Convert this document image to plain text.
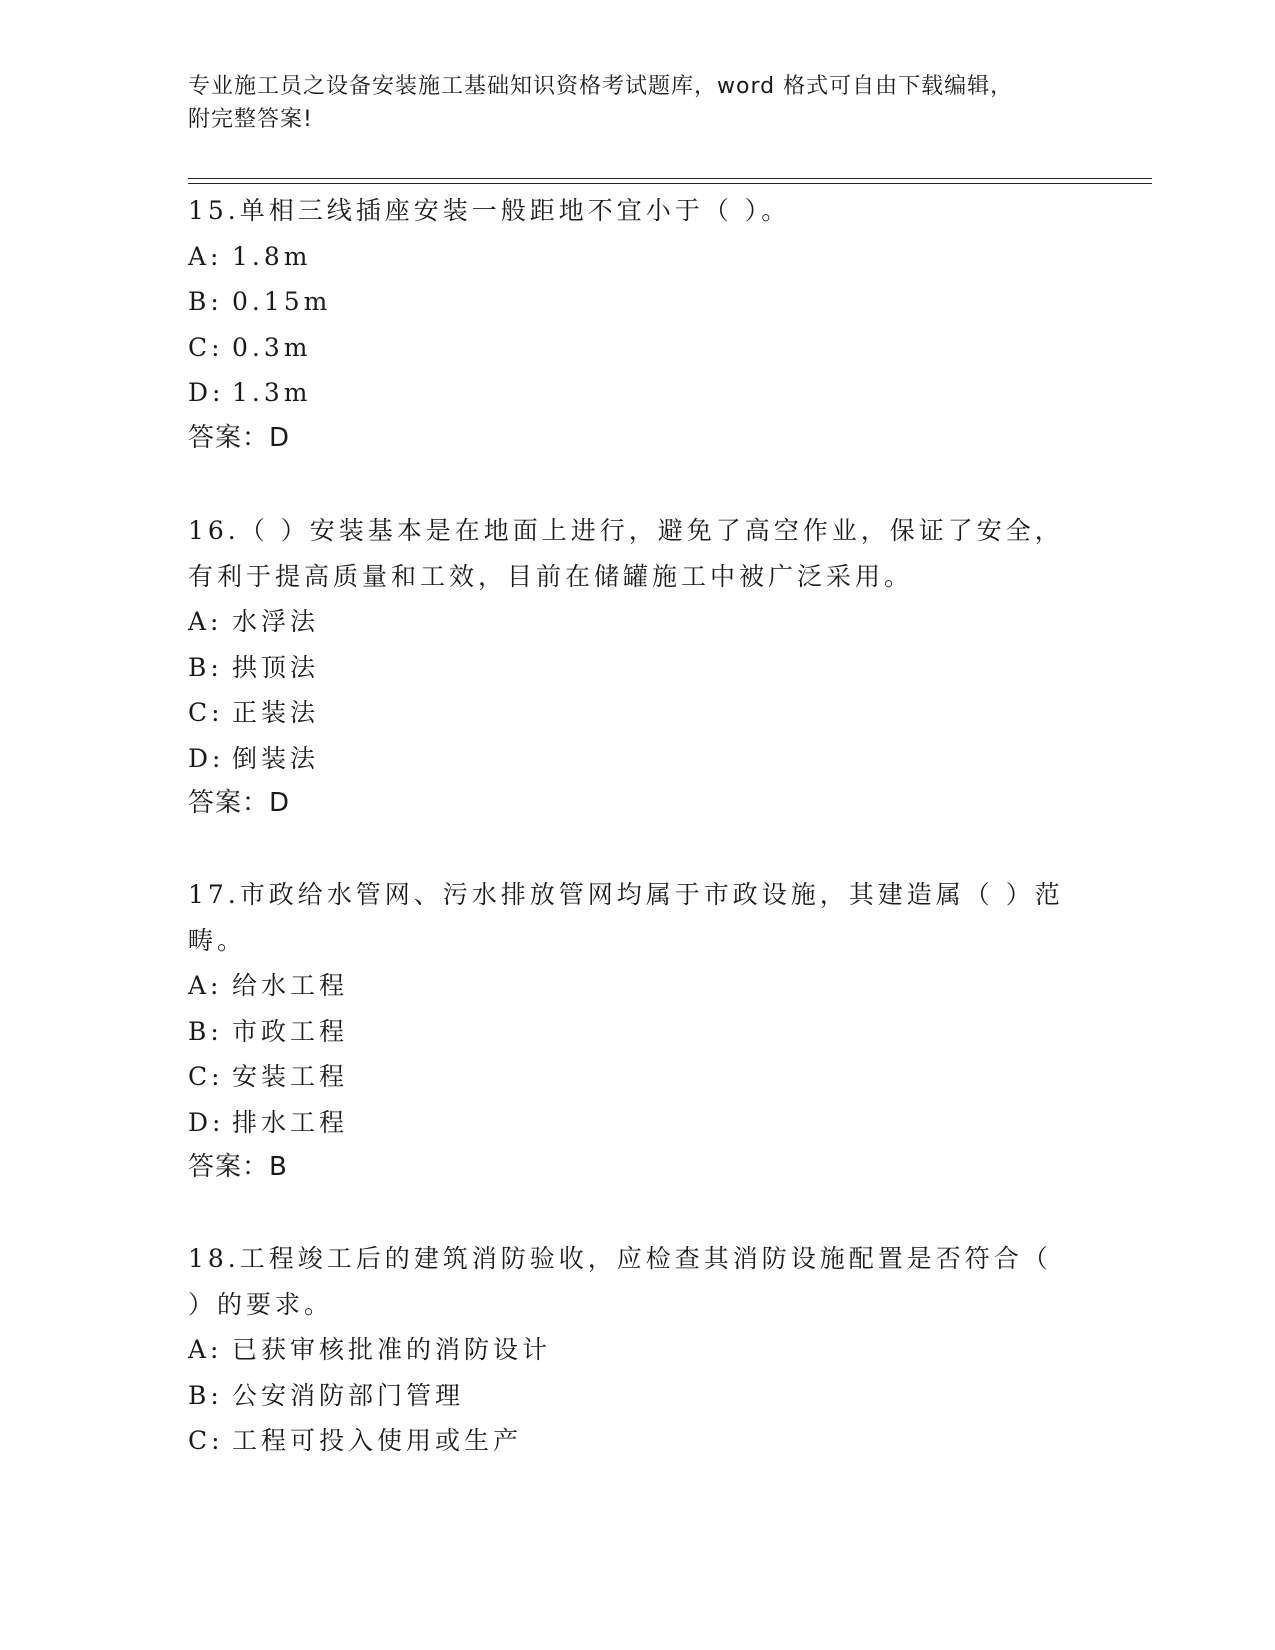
专业施工员之设备安装施工基础知识资格考试题库，word 格式可自由下载编辑，
附完整答案!

15.单相三线插座安装一般距地不宜小于（ ）。

A: 1.8m

B: 0.15m

C: 0.3m

D: 1.3m

答案：D

16.（ ）安装基本是在地面上进行，避免了高空作业，保证了安全，有利于提高质量和工效，目前在储罐施工中被广泛采用。

A: 水浮法

B: 拱顶法

C: 正装法

D: 倒装法

答案：D

17.市政给水管网、污水排放管网均属于市政设施，其建造属（ ）范畴。

A: 给水工程

B: 市政工程

C: 安装工程

D: 排水工程

答案：B

18.工程竣工后的建筑消防验收，应检查其消防设施配置是否符合（ ）的要求。

A: 已获审核批准的消防设计

B: 公安消防部门管理

C: 工程可投入使用或生产
